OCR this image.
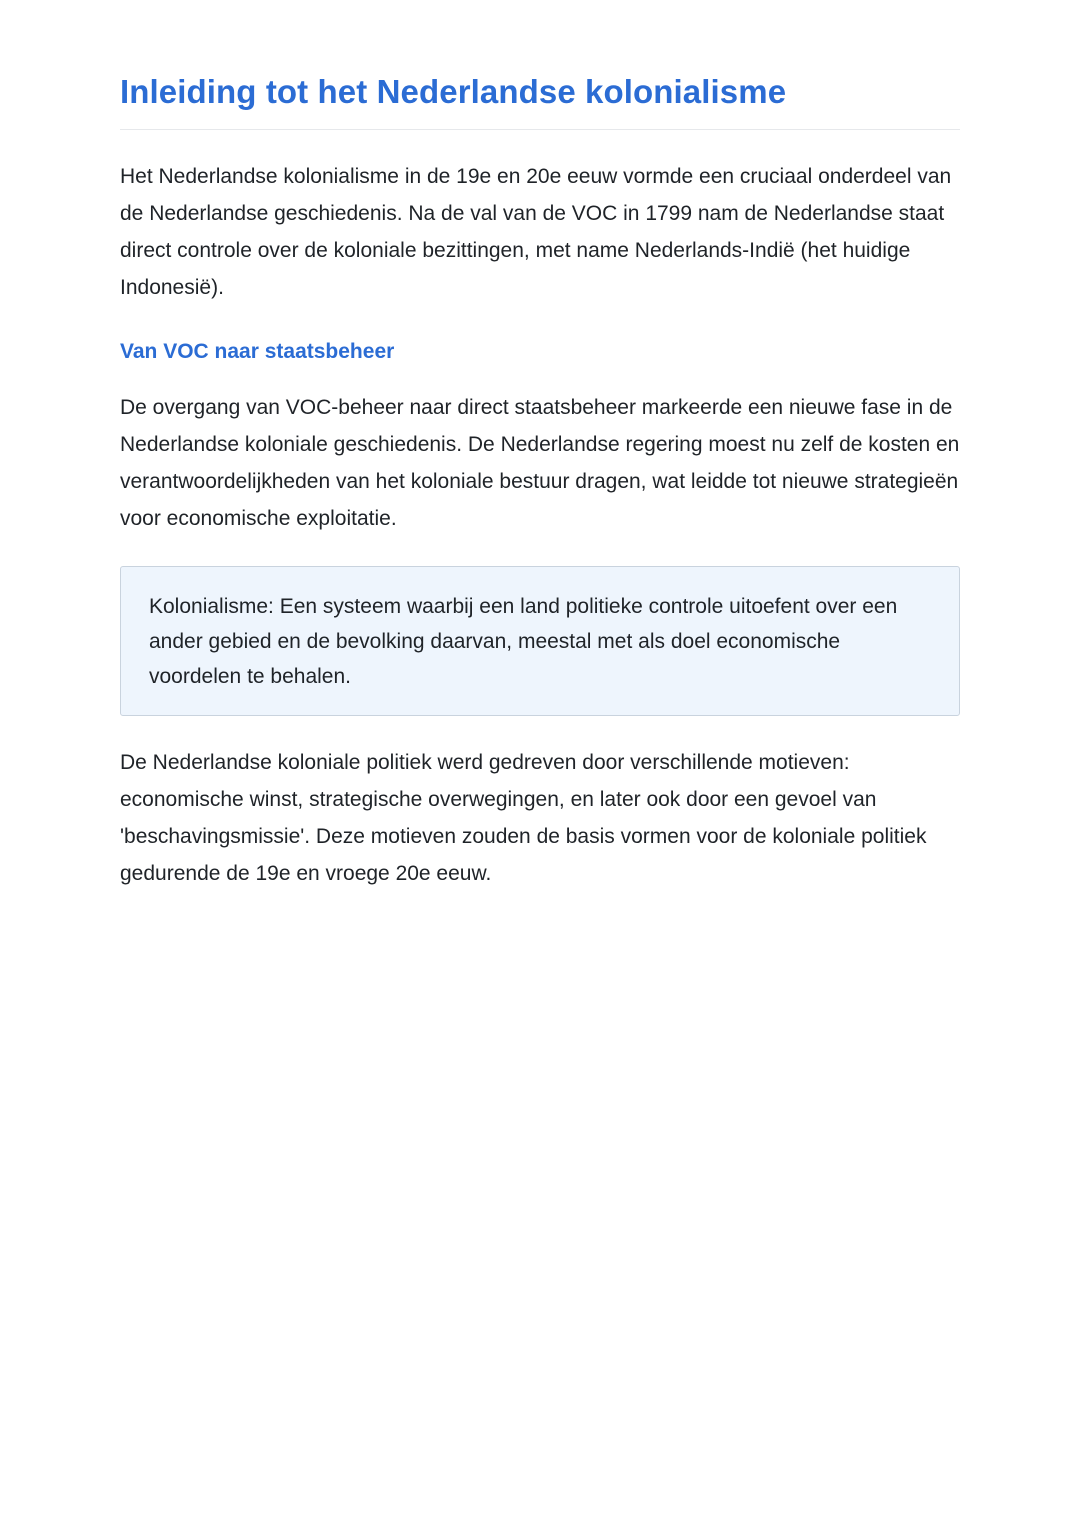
Inleiding tot het Nederlandse kolonialisme

Het Nederlandse kolonialisme in de 19e en 20e eeuw vormde een cruciaal onderdeel van de Nederlandse geschiedenis. Na de val van de VOC in 1799 nam de Nederlandse staat direct controle over de koloniale bezittingen, met name Nederlands-Indië (het huidige Indonesië).

Van VOC naar staatsbeheer

De overgang van VOC-beheer naar direct staatsbeheer markeerde een nieuwe fase in de Nederlandse koloniale geschiedenis. De Nederlandse regering moest nu zelf de kosten en verantwoordelijkheden van het koloniale bestuur dragen, wat leidde tot nieuwe strategieën voor economische exploitatie.

Kolonialisme: Een systeem waarbij een land politieke controle uitoefent over een ander gebied en de bevolking daarvan, meestal met als doel economische voordelen te behalen.

De Nederlandse koloniale politiek werd gedreven door verschillende motieven: economische winst, strategische overwegingen, en later ook door een gevoel van 'beschavingsmissie'. Deze motieven zouden de basis vormen voor de koloniale politiek gedurende de 19e en vroege 20e eeuw.
